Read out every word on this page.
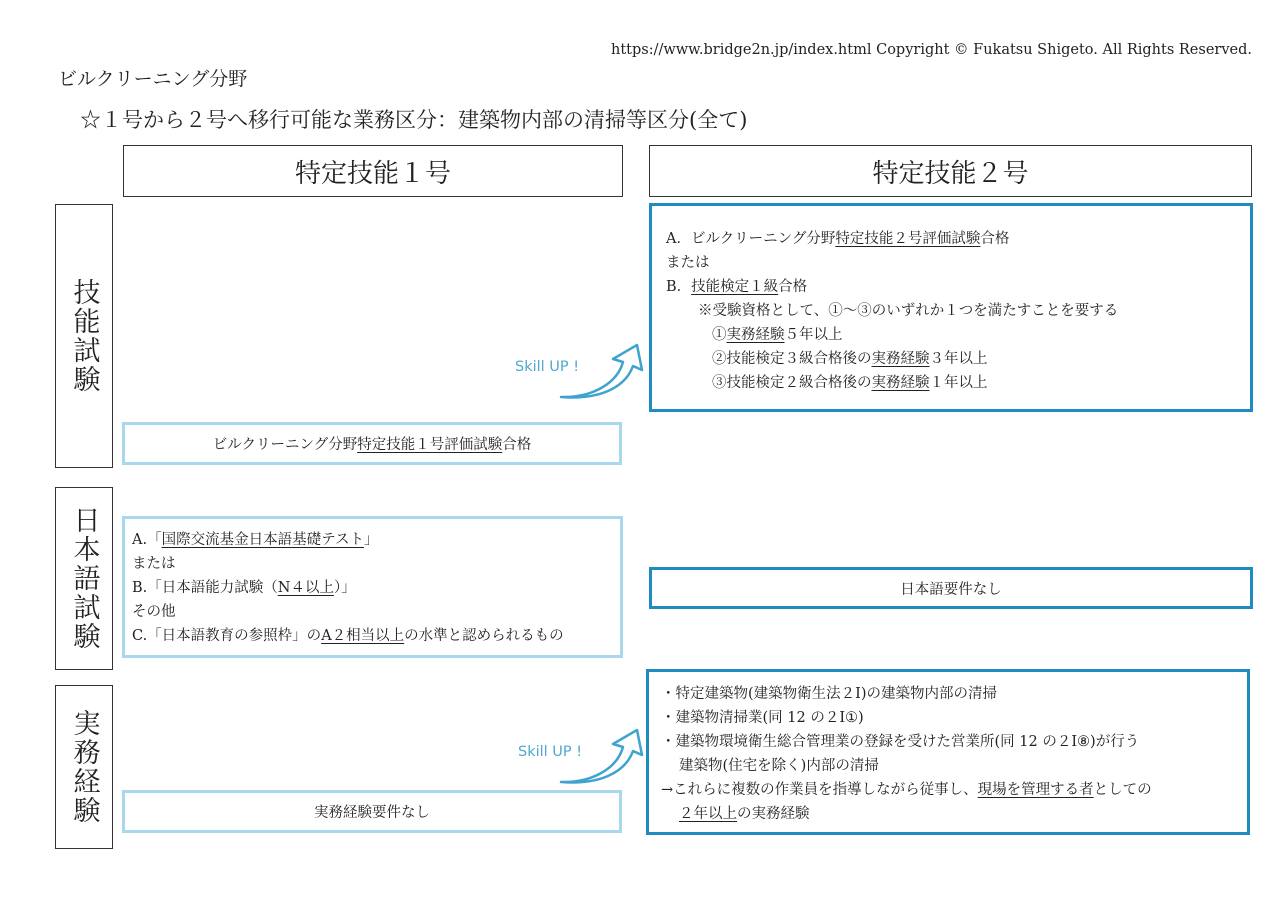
https://www.bridge2n.jp/index.html Copyright © Fukatsu Shigeto. All Rights Reserved.
ビルクリーニング分野
☆１号から２号へ移行可能な業務区分：建築物内部の清掃等区分(全て)
特定技能１号	特定技能２号
技能試験
日本語試験
実務経験
ビルクリーニング分野特定技能１号評価試験合格
A．ビルクリーニング分野特定技能２号評価試験合格
または
B．技能検定１級合格
※受験資格として、①～③のいずれか１つを満たすことを要する
①実務経験５年以上
②技能検定３級合格後の実務経験３年以上
③技能検定２級合格後の実務経験１年以上
Skill UP !
A.「国際交流基金日本語基礎テスト」
または
B.「日本語能力試験（N４以上）」
その他
C.「日本語教育の参照枠」のA２相当以上の水準と認められるもの
日本語要件なし
実務経験要件なし
Skill UP !
・特定建築物(建築物衛生法２Ⅰ)の建築物内部の清掃
・建築物清掃業(同 12 の２Ⅰ①)
・建築物環境衛生総合管理業の登録を受けた営業所(同 12 の２Ⅰ⑧)が行う
建築物(住宅を除く)内部の清掃
→これらに複数の作業員を指導しながら従事し、現場を管理する者としての
２年以上の実務経験
